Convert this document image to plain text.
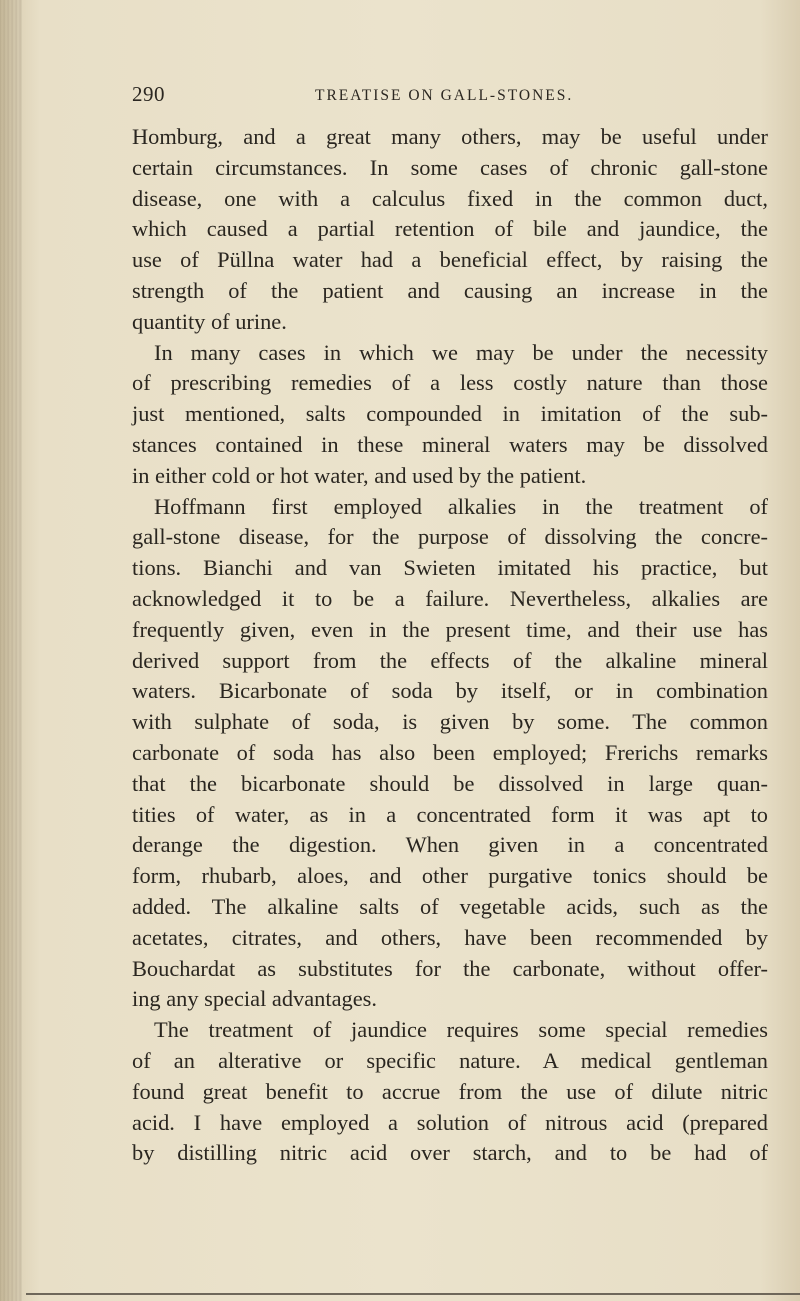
290	TREATISE ON GALL-STONES.
Homburg, and a great many others, may be useful under
certain circumstances. In some cases of chronic gall-stone
disease, one with a calculus fixed in the common duct,
which caused a partial retention of bile and jaundice, the
use of Püllna water had a beneficial effect, by raising the
strength of the patient and causing an increase in the
quantity of urine.
In many cases in which we may be under the necessity
of prescribing remedies of a less costly nature than those
just mentioned, salts compounded in imitation of the sub-
stances contained in these mineral waters may be dissolved
in either cold or hot water, and used by the patient.
Hoffmann first employed alkalies in the treatment of
gall-stone disease, for the purpose of dissolving the concre-
tions. Bianchi and van Swieten imitated his practice, but
acknowledged it to be a failure. Nevertheless, alkalies are
frequently given, even in the present time, and their use has
derived support from the effects of the alkaline mineral
waters. Bicarbonate of soda by itself, or in combination
with sulphate of soda, is given by some. The common
carbonate of soda has also been employed; Frerichs remarks
that the bicarbonate should be dissolved in large quan-
tities of water, as in a concentrated form it was apt to
derange the digestion. When given in a concentrated
form, rhubarb, aloes, and other purgative tonics should be
added. The alkaline salts of vegetable acids, such as the
acetates, citrates, and others, have been recommended by
Bouchardat as substitutes for the carbonate, without offer-
ing any special advantages.
The treatment of jaundice requires some special remedies
of an alterative or specific nature. A medical gentleman
found great benefit to accrue from the use of dilute nitric
acid. I have employed a solution of nitrous acid (prepared
by distilling nitric acid over starch, and to be had of
